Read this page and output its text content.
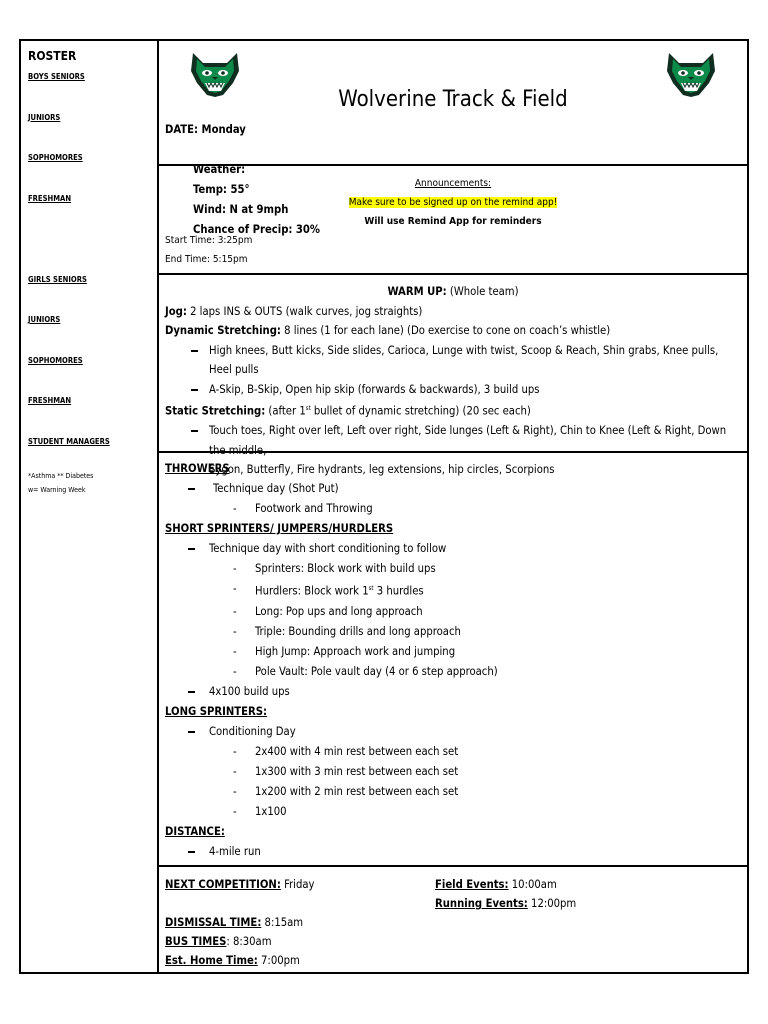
ROSTER
BOYS SENIORS
JUNIORS
SOPHOMORES
FRESHMAN
GIRLS SENIORS
JUNIORS
SOPHOMORES
FRESHMAN
STUDENT MANAGERS
*Asthma ** Diabetes
w= Warning Week
Wolverine Track & Field
DATE: Monday

Weather:
Temp: 55°
Wind: N at 9mph
Chance of Precip: 30%

Announcements:
Make sure to be signed up on the remind app!
Will use Remind App for reminders
Start Time: 3:25pm
End Time: 5:15pm
WARM UP: (Whole team)
Jog: 2 laps INS & OUTS (walk curves, jog straights)
Dynamic Stretching: 8 lines (1 for each lane) (Do exercise to cone on coach’s whistle)
High knees, Butt kicks, Side slides, Carioca, Lunge with twist, Scoop & Reach, Shin grabs, Knee pulls, Heel pulls
A-Skip, B-Skip, Open hip skip (forwards & backwards), 3 build ups
Static Stretching: (after 1st bullet of dynamic stretching) (20 sec each)
Touch toes, Right over left, Left over right, Side lunges (Left & Right), Chin to Knee (Left & Right, Down the middle,
Sygon, Butterfly, Fire hydrants, leg extensions, hip circles, Scorpions
THROWERS
Technique day (Shot Put)
- Footwork and Throwing
SHORT SPRINTERS/ JUMPERS/HURDLERS
Technique day with short conditioning to follow
- Sprinters: Block work with build ups
- Hurdlers: Block work 1st 3 hurdles
- Long: Pop ups and long approach
- Triple: Bounding drills and long approach
- High Jump: Approach work and jumping
- Pole Vault: Pole vault day (4 or 6 step approach)
4x100 build ups
LONG SPRINTERS:
Conditioning Day
- 2x400 with 4 min rest between each set
- 1x300 with 3 min rest between each set
- 1x200 with 2 min rest between each set
- 1x100
DISTANCE:
4-mile run
NEXT COMPETITION: Friday	Field Events: 10:00am
Running Events: 12:00pm
DISMISSAL TIME: 8:15am
BUS TIMES: 8:30am
Est. Home Time: 7:00pm
